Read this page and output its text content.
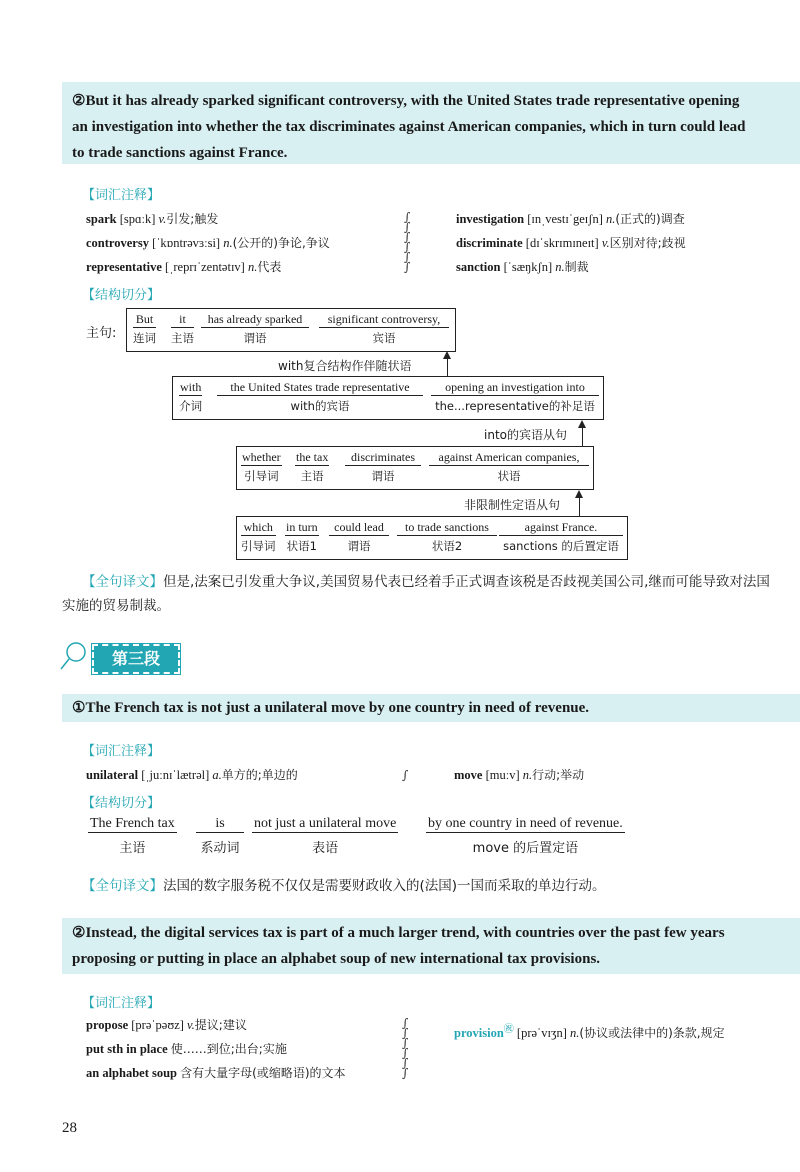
②But it has already sparked significant controversy, with the United States trade representative opening an investigation into whether the tax discriminates against American companies, which in turn could lead to trade sanctions against France.
【词汇注释】
spark [spɑːk] v.引发;触发
controversy [ˈkɒntrəvɜːsi] n.(公开的)争论,争议
representative [ˌreprɪˈzentətɪv] n.代表
∫
∫
∫
∫
∫
∫
investigation [ɪnˌvestɪˈgeɪʃn] n.(正式的)调查
discriminate [dɪˈskrɪmɪneɪt] v.区别对待;歧视
sanction [ˈsæŋkʃn] n.制裁
【结构切分】
主句:
But
连词
it
主语
has already sparked
谓语
significant controversy,
宾语
with复合结构作伴随状语
with
介词
the United States trade representative
with的宾语
opening an investigation into
the...representative的补足语
into的宾语从句
whether
引导词
the tax
主语
discriminates
谓语
against American companies,
状语
非限制性定语从句
which
引导词
in turn
状语1
could lead
谓语
to trade sanctions
状语2
against France.
sanctions 的后置定语
【全句译文】但是,法案已引发重大争议,美国贸易代表已经着手正式调查该税是否歧视美国公司,继而可能导致对法国实施的贸易制裁。
第三段
①The French tax is not just a unilateral move by one country in need of revenue.
【词汇注释】
unilateral [ˌjuːnɪˈlætrəl] a.单方的;单边的	move [muːv] n.行动;举动
∫
【结构切分】
The French tax
主语
is
系动词
not just a unilateral move
表语
by one country in need of revenue.
move 的后置定语
【全句译文】法国的数字服务税不仅仅是需要财政收入的(法国)一国而采取的单边行动。
②Instead, the digital services tax is part of a much larger trend, with countries over the past few years proposing or putting in place an alphabet soup of new international tax provisions.
【词汇注释】
propose [prəˈpəʊz] v.提议;建议
put sth in place 使……到位;出台;实施
an alphabet soup 含有大量字母(或缩略语)的文本
∫
∫
∫
∫
∫
∫
provision㊗ [prəˈvɪʒn] n.(协议或法律中的)条款,规定
28
